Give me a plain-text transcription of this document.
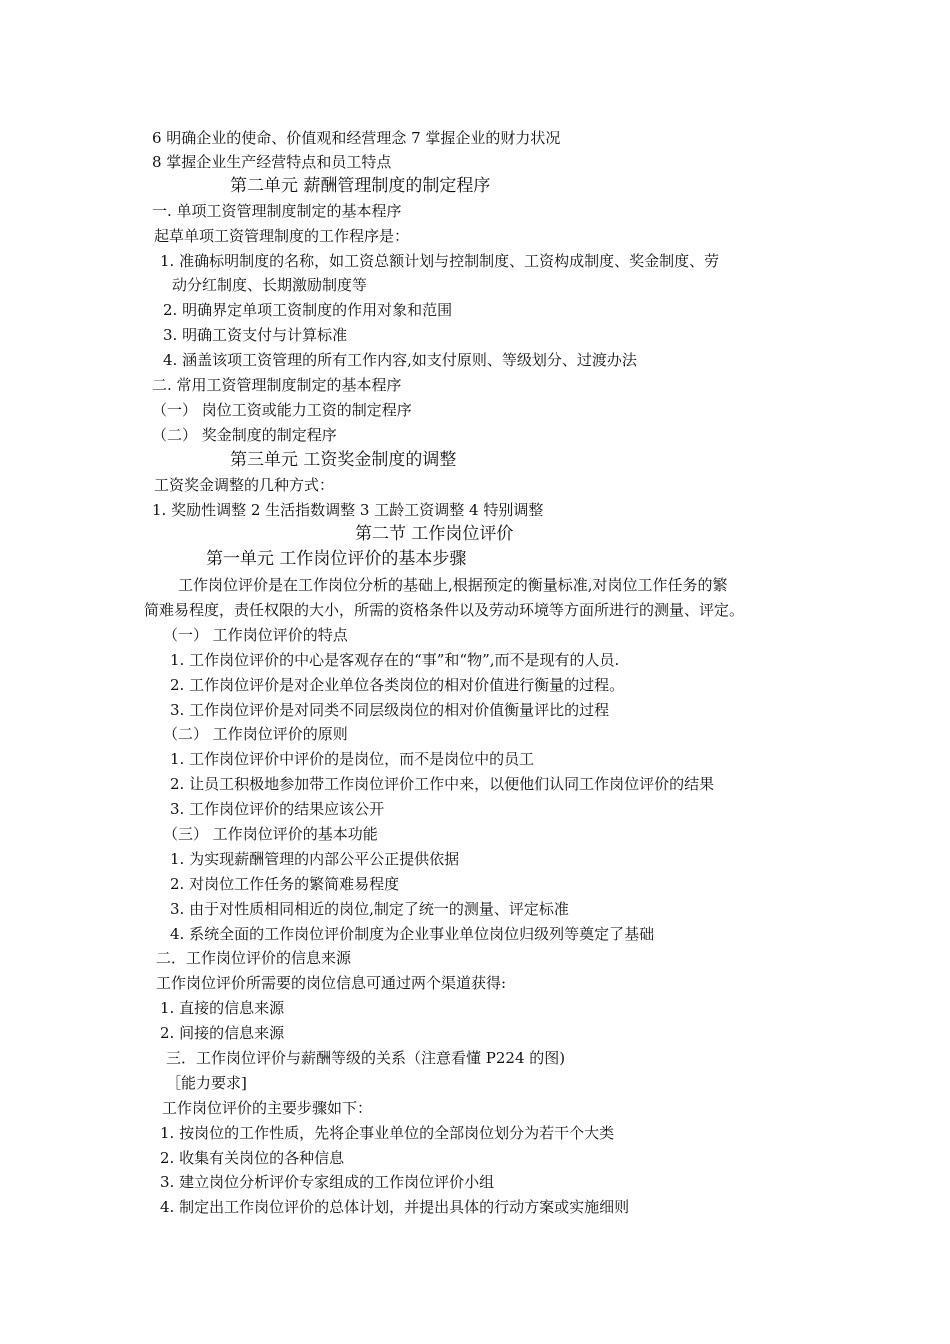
6 明确企业的使命、价值观和经营理念 7 掌握企业的财力状况
8 掌握企业生产经营特点和员工特点
第二单元 薪酬管理制度的制定程序
一. 单项工资管理制度制定的基本程序
起草单项工资管理制度的工作程序是：
1. 准确标明制度的名称，如工资总额计划与控制制度、工资构成制度、奖金制度、劳
动分红制度、长期激励制度等
2. 明确界定单项工资制度的作用对象和范围
3. 明确工资支付与计算标准
4. 涵盖该项工资管理的所有工作内容,如支付原则、等级划分、过渡办法
二. 常用工资管理制度制定的基本程序
（一） 岗位工资或能力工资的制定程序
（二） 奖金制度的制定程序
第三单元 工资奖金制度的调整
工资奖金调整的几种方式：
1. 奖励性调整 2 生活指数调整 3 工龄工资调整 4 特别调整
第二节 工作岗位评价
第一单元 工作岗位评价的基本步骤
工作岗位评价是在工作岗位分析的基础上,根据预定的衡量标准,对岗位工作任务的繁
简难易程度，责任权限的大小，所需的资格条件以及劳动环境等方面所进行的测量、评定。
（一） 工作岗位评价的特点
1. 工作岗位评价的中心是客观存在的“事”和“物”,而不是现有的人员.
2. 工作岗位评价是对企业单位各类岗位的相对价值进行衡量的过程。
3. 工作岗位评价是对同类不同层级岗位的相对价值衡量评比的过程
（二） 工作岗位评价的原则
1. 工作岗位评价中评价的是岗位，而不是岗位中的员工
2. 让员工积极地参加带工作岗位评价工作中来，以便他们认同工作岗位评价的结果
3. 工作岗位评价的结果应该公开
（三） 工作岗位评价的基本功能
1. 为实现薪酬管理的内部公平公正提供依据
2. 对岗位工作任务的繁简难易程度
3. 由于对性质相同相近的岗位,制定了统一的测量、评定标准
4. 系统全面的工作岗位评价制度为企业事业单位岗位归级列等奠定了基础
二．工作岗位评价的信息来源
工作岗位评价所需要的岗位信息可通过两个渠道获得:
1. 直接的信息来源
2. 间接的信息来源
三．工作岗位评价与薪酬等级的关系（注意看懂 P224 的图)
［能力要求]
工作岗位评价的主要步骤如下：
1. 按岗位的工作性质，先将企事业单位的全部岗位划分为若干个大类
2. 收集有关岗位的各种信息
3. 建立岗位分析评价专家组成的工作岗位评价小组
4. 制定出工作岗位评价的总体计划，并提出具体的行动方案或实施细则
